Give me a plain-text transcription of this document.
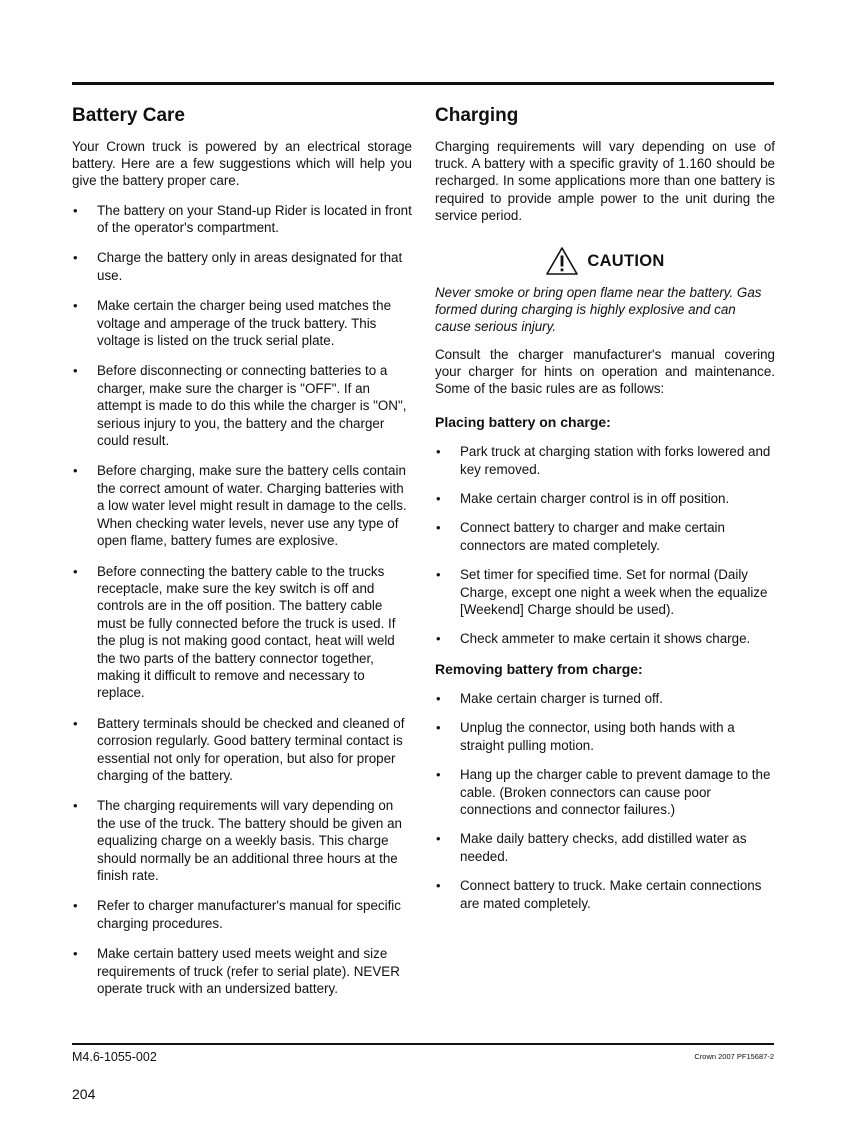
Battery Care

Your Crown truck is powered by an electrical storage battery. Here are a few suggestions which will help you give the battery proper care.

• The battery on your Stand-up Rider is located in front of the operator's compartment.
• Charge the battery only in areas designated for that use.
• Make certain the charger being used matches the voltage and amperage of the truck battery. This voltage is listed on the truck serial plate.
• Before disconnecting or connecting batteries to a charger, make sure the charger is "OFF". If an attempt is made to do this while the charger is "ON", serious injury to you, the battery and the charger could result.
• Before charging, make sure the battery cells contain the correct amount of water. Charging batteries with a low water level might result in damage to the cells. When checking water levels, never use any type of open flame, battery fumes are explosive.
• Before connecting the battery cable to the trucks receptacle, make sure the key switch is off and controls are in the off position. The battery cable must be fully connected before the truck is used. If the plug is not making good contact, heat will weld the two parts of the battery connector together, making it difficult to remove and necessary to replace.
• Battery terminals should be checked and cleaned of corrosion regularly. Good battery terminal contact is essential not only for operation, but also for proper charging of the battery.
• The charging requirements will vary depending on the use of the truck. The battery should be given an equalizing charge on a weekly basis. This charge should normally be an additional three hours at the finish rate.
• Refer to charger manufacturer's manual for specific charging procedures.
• Make certain battery used meets weight and size requirements of truck (refer to serial plate). NEVER operate truck with an undersized battery.
Charging

Charging requirements will vary depending on use of truck. A battery with a specific gravity of 1.160 should be recharged. In some applications more than one battery is required to provide ample power to the unit during the service period.

CAUTION

Never smoke or bring open flame near the battery. Gas formed during charging is highly explosive and can cause serious injury.

Consult the charger manufacturer's manual covering your charger for hints on operation and maintenance. Some of the basic rules are as follows:

Placing battery on charge:
• Park truck at charging station with forks lowered and key removed.
• Make certain charger control is in off position.
• Connect battery to charger and make certain connectors are mated completely.
• Set timer for specified time. Set for normal (Daily Charge, except one night a week when the equalize [Weekend] Charge should be used).
• Check ammeter to make certain it shows charge.
Removing battery from charge:
• Make certain charger is turned off.
• Unplug the connector, using both hands with a straight pulling motion.
• Hang up the charger cable to prevent damage to the cable. (Broken connectors can cause poor connections and connector failures.)
• Make daily battery checks, add distilled water as needed.
• Connect battery to truck. Make certain connections are mated completely.
M4.6-1055-002	Crown 2007 PF15687-2
204
